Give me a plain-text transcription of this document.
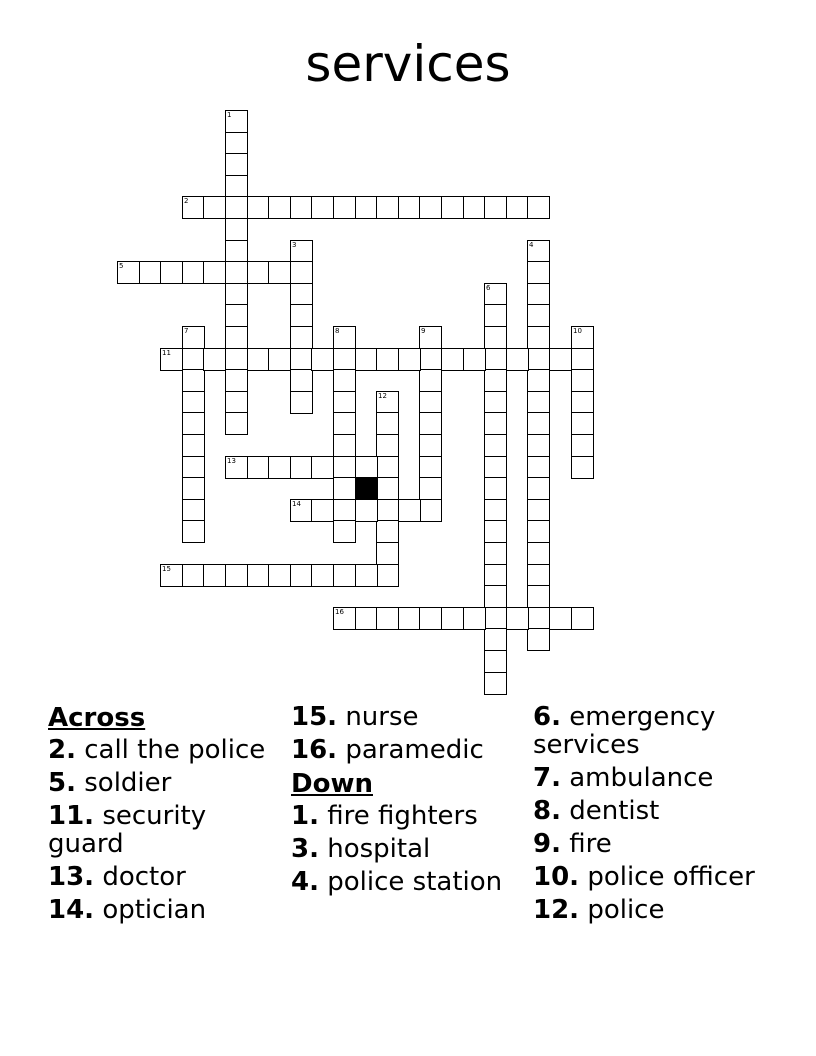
services
1
2
3	4
5
6
7	8	9	10
11
12
13
14
15
16
Across
2. call the police
5. soldier
11. security guard
13. doctor
14. optician
15. nurse
16. paramedic
Down
1. fire fighters
3. hospital
4. police station
6. emergency services
7. ambulance
8. dentist
9. fire
10. police officer
12. police
